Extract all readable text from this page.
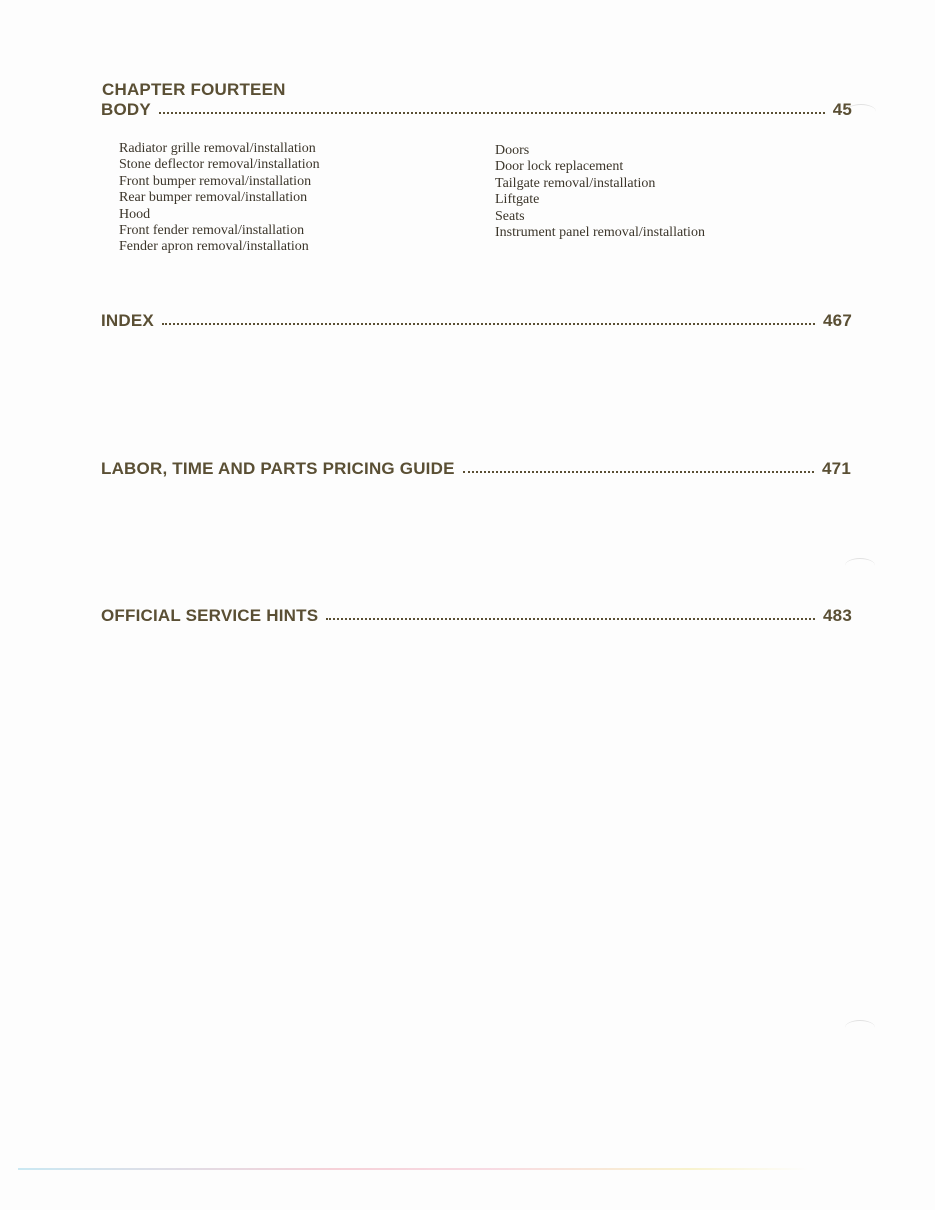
CHAPTER FOURTEEN
BODY	45
Radiator grille removal/installation
Stone deflector removal/installation
Front bumper removal/installation
Rear bumper removal/installation
Hood
Front fender removal/installation
Fender apron removal/installation
Doors
Door lock replacement
Tailgate removal/installation
Liftgate
Seats
Instrument panel removal/installation
INDEX	467
LABOR, TIME AND PARTS PRICING GUIDE	471
OFFICIAL SERVICE HINTS	483
